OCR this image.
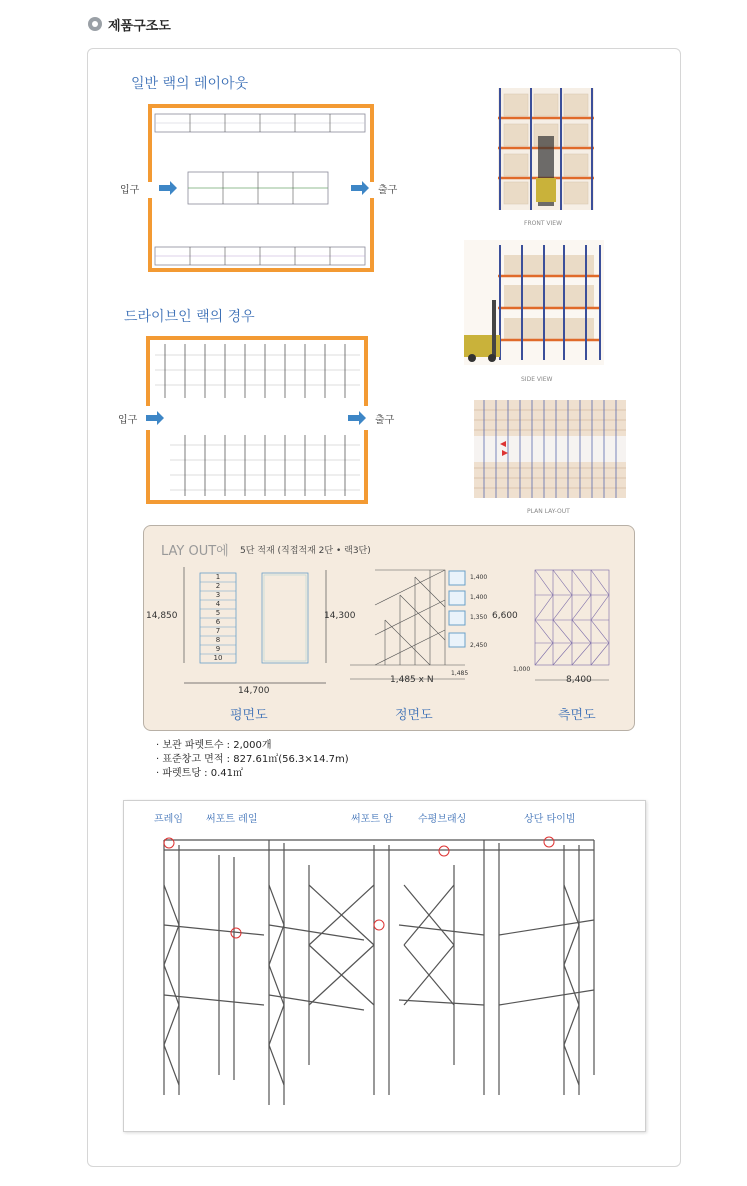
제품구조도
일반 랙의 레이아웃
입구	출구
드라이브인 랙의 경우
입구	출구
FRONT VIEW
SIDE VIEW
PLAN LAY-OUT
LAY OUT에 5단 적재 (직접적재 2단 • 랙3단)
1
2
3
4
5
6
7
8
9
10
14,850	14,300
14,700
평면도
1,400
1,400
1,350
2,450
6,600
1,485
1,485 x N
정면도
1,000
8,400
측면도
· 보관 파렛트수 : 2,000개
· 표준창고 면적 : 827.61㎡(56.3×14.7m)
· 파렛트당 : 0.41㎡
프레임 써포트 레일	써포트 암	수평브래싱	상단 타이빔
